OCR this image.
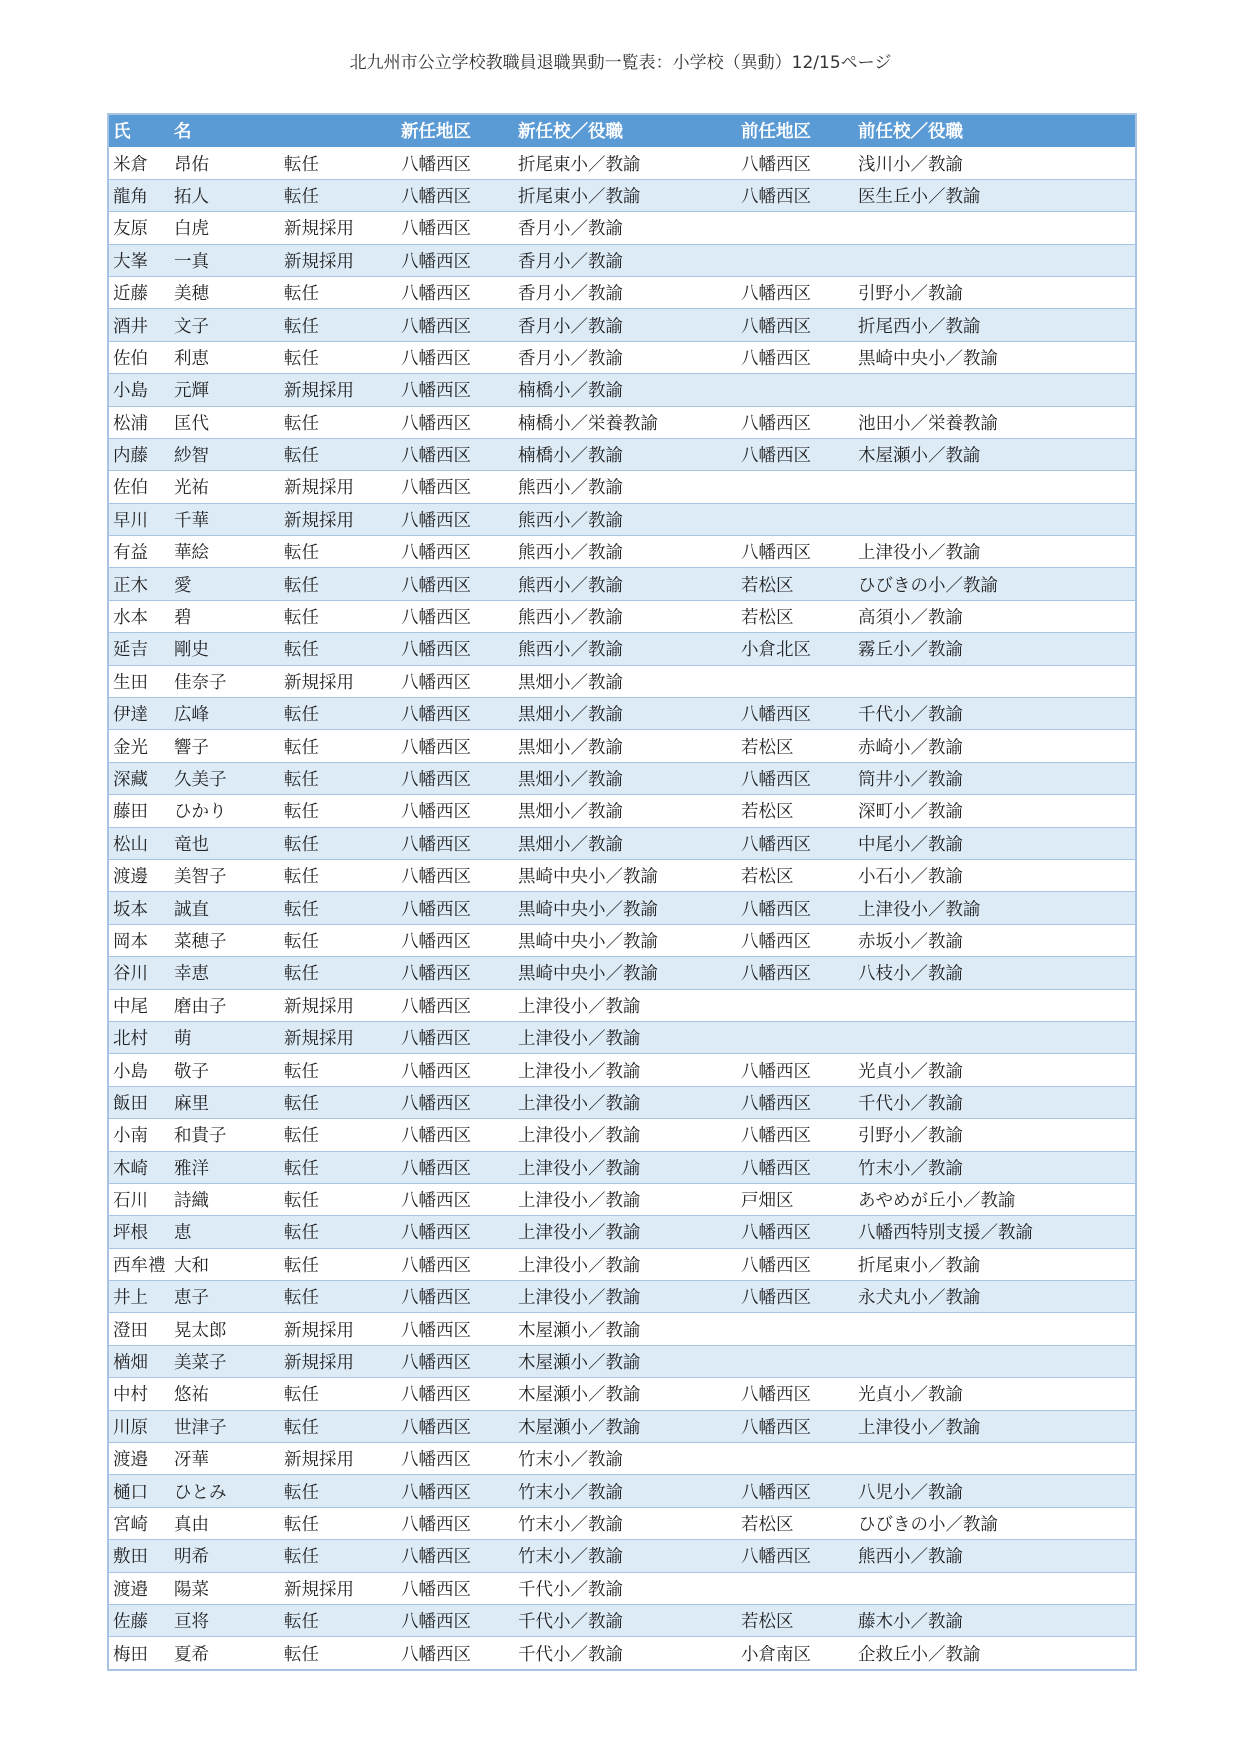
北九州市公立学校教職員退職異動一覧表：小学校（異動）12/15ページ
氏	名		新任地区	新任校／役職	前任地区	前任校／役職
米倉	昂佑	転任	八幡西区	折尾東小／教諭	八幡西区	浅川小／教諭
龍角	拓人	転任	八幡西区	折尾東小／教諭	八幡西区	医生丘小／教諭
友原	白虎	新規採用	八幡西区	香月小／教諭		
大峯	一真	新規採用	八幡西区	香月小／教諭		
近藤	美穂	転任	八幡西区	香月小／教諭	八幡西区	引野小／教諭
酒井	文子	転任	八幡西区	香月小／教諭	八幡西区	折尾西小／教諭
佐伯	利恵	転任	八幡西区	香月小／教諭	八幡西区	黒崎中央小／教諭
小島	元輝	新規採用	八幡西区	楠橋小／教諭		
松浦	匡代	転任	八幡西区	楠橋小／栄養教諭	八幡西区	池田小／栄養教諭
内藤	紗智	転任	八幡西区	楠橋小／教諭	八幡西区	木屋瀬小／教諭
佐伯	光祐	新規採用	八幡西区	熊西小／教諭		
早川	千華	新規採用	八幡西区	熊西小／教諭		
有益	華絵	転任	八幡西区	熊西小／教諭	八幡西区	上津役小／教諭
正木	愛	転任	八幡西区	熊西小／教諭	若松区	ひびきの小／教諭
水本	碧	転任	八幡西区	熊西小／教諭	若松区	高須小／教諭
延吉	剛史	転任	八幡西区	熊西小／教諭	小倉北区	霧丘小／教諭
生田	佳奈子	新規採用	八幡西区	黒畑小／教諭		
伊達	広峰	転任	八幡西区	黒畑小／教諭	八幡西区	千代小／教諭
金光	響子	転任	八幡西区	黒畑小／教諭	若松区	赤崎小／教諭
深藏	久美子	転任	八幡西区	黒畑小／教諭	八幡西区	筒井小／教諭
藤田	ひかり	転任	八幡西区	黒畑小／教諭	若松区	深町小／教諭
松山	竜也	転任	八幡西区	黒畑小／教諭	八幡西区	中尾小／教諭
渡邊	美智子	転任	八幡西区	黒崎中央小／教諭	若松区	小石小／教諭
坂本	誠直	転任	八幡西区	黒崎中央小／教諭	八幡西区	上津役小／教諭
岡本	菜穂子	転任	八幡西区	黒崎中央小／教諭	八幡西区	赤坂小／教諭
谷川	幸恵	転任	八幡西区	黒崎中央小／教諭	八幡西区	八枝小／教諭
中尾	磨由子	新規採用	八幡西区	上津役小／教諭		
北村	萌	新規採用	八幡西区	上津役小／教諭		
小島	敬子	転任	八幡西区	上津役小／教諭	八幡西区	光貞小／教諭
飯田	麻里	転任	八幡西区	上津役小／教諭	八幡西区	千代小／教諭
小南	和貴子	転任	八幡西区	上津役小／教諭	八幡西区	引野小／教諭
木崎	雅洋	転任	八幡西区	上津役小／教諭	八幡西区	竹末小／教諭
石川	詩織	転任	八幡西区	上津役小／教諭	戸畑区	あやめが丘小／教諭
坪根	恵	転任	八幡西区	上津役小／教諭	八幡西区	八幡西特別支援／教諭
西牟禮	大和	転任	八幡西区	上津役小／教諭	八幡西区	折尾東小／教諭
井上	恵子	転任	八幡西区	上津役小／教諭	八幡西区	永犬丸小／教諭
澄田	晃太郎	新規採用	八幡西区	木屋瀬小／教諭		
楢畑	美菜子	新規採用	八幡西区	木屋瀬小／教諭		
中村	悠祐	転任	八幡西区	木屋瀬小／教諭	八幡西区	光貞小／教諭
川原	世津子	転任	八幡西区	木屋瀬小／教諭	八幡西区	上津役小／教諭
渡邉	冴華	新規採用	八幡西区	竹末小／教諭		
樋口	ひとみ	転任	八幡西区	竹末小／教諭	八幡西区	八児小／教諭
宮崎	真由	転任	八幡西区	竹末小／教諭	若松区	ひびきの小／教諭
敷田	明希	転任	八幡西区	竹末小／教諭	八幡西区	熊西小／教諭
渡邉	陽菜	新規採用	八幡西区	千代小／教諭		
佐藤	亘将	転任	八幡西区	千代小／教諭	若松区	藤木小／教諭
梅田	夏希	転任	八幡西区	千代小／教諭	小倉南区	企救丘小／教諭
